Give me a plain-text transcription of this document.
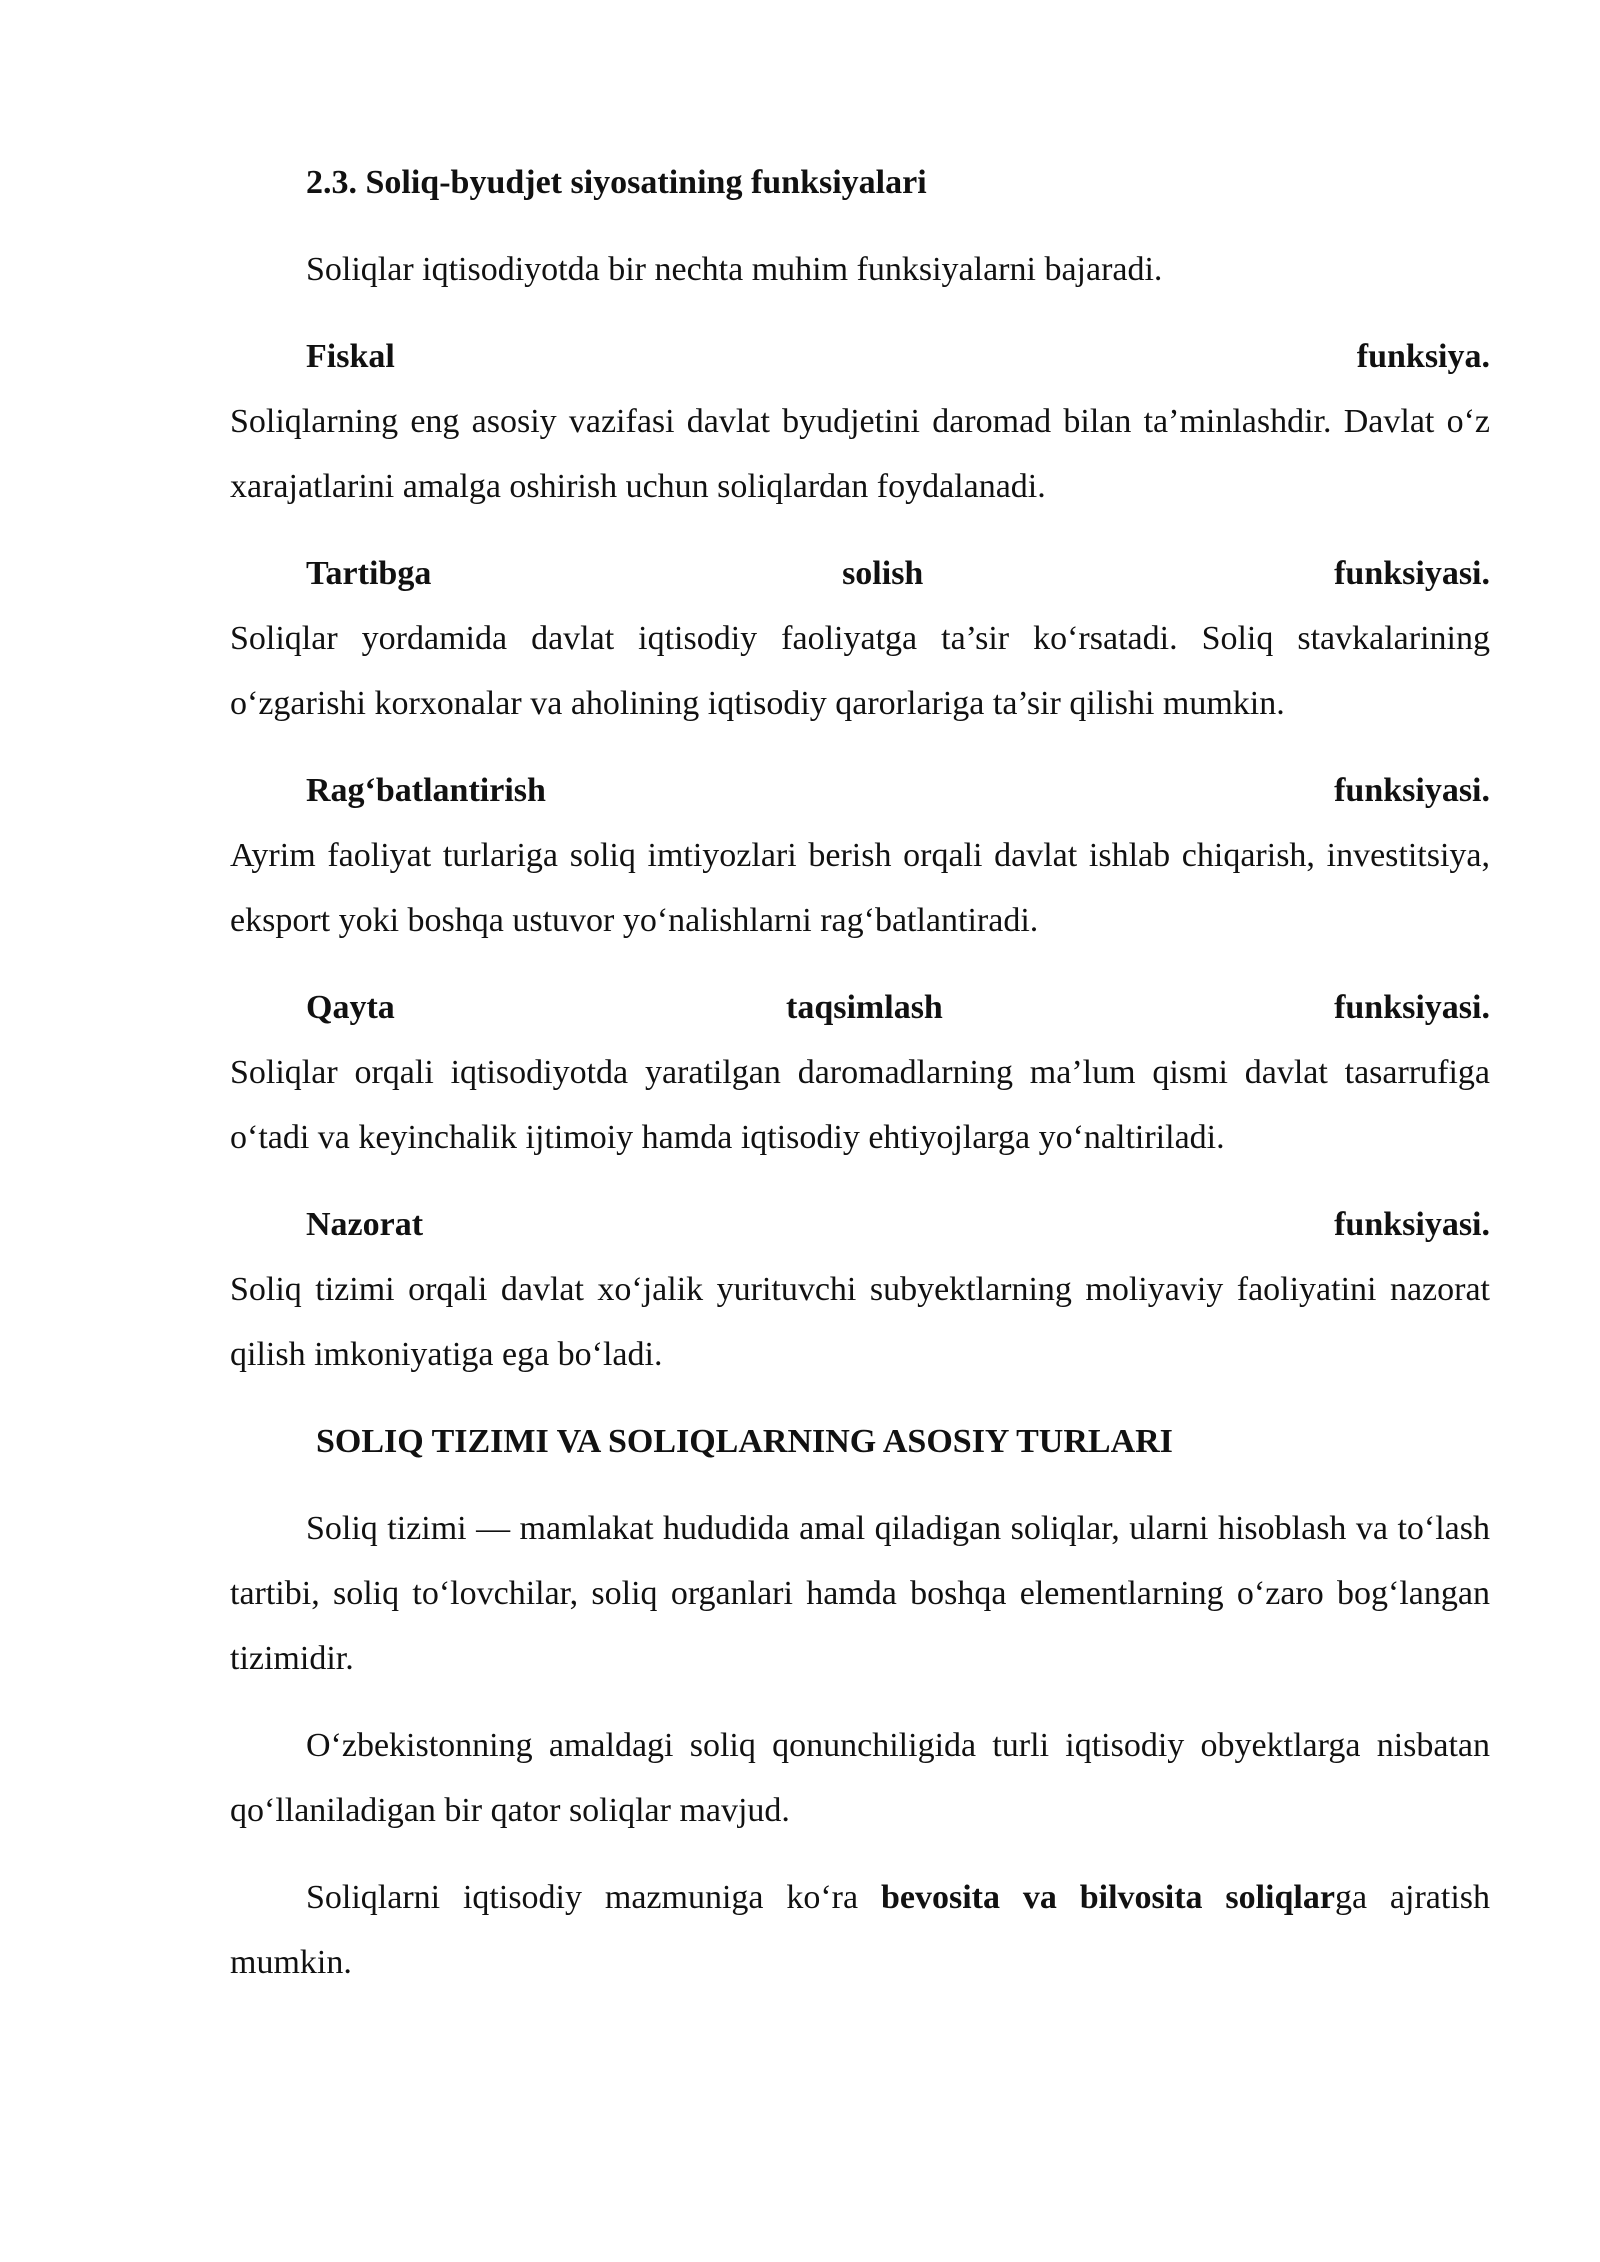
2.3. Soliq-byudjet siyosatining funksiyalari
Soliqlar iqtisodiyotda bir nechta muhim funksiyalarni bajaradi.
Fiskal	funksiya.
Soliqlarning eng asosiy vazifasi davlat byudjetini daromad bilan ta’minlashdir. Davlat o‘z xarajatlarini amalga oshirish uchun soliqlardan foydalanadi.
Tartibga	solish	funksiyasi.
Soliqlar yordamida davlat iqtisodiy faoliyatga ta’sir ko‘rsatadi. Soliq stavkalarining o‘zgarishi korxonalar va aholining iqtisodiy qarorlariga ta’sir qilishi mumkin.
Rag‘batlantirish	funksiyasi.
Ayrim faoliyat turlariga soliq imtiyozlari berish orqali davlat ishlab chiqarish, investitsiya, eksport yoki boshqa ustuvor yo‘nalishlarni rag‘batlantiradi.
Qayta	taqsimlash	funksiyasi.
Soliqlar orqali iqtisodiyotda yaratilgan daromadlarning ma’lum qismi davlat tasarrufiga o‘tadi va keyinchalik ijtimoiy hamda iqtisodiy ehtiyojlarga yo‘naltiriladi.
Nazorat	funksiyasi.
Soliq tizimi orqali davlat xo‘jalik yurituvchi subyektlarning moliyaviy faoliyatini nazorat qilish imkoniyatiga ega bo‘ladi.
SOLIQ TIZIMI VA SOLIQLARNING ASOSIY TURLARI
Soliq tizimi — mamlakat hududida amal qiladigan soliqlar, ularni hisoblash va to‘lash tartibi, soliq to‘lovchilar, soliq organlari hamda boshqa elementlarning o‘zaro bog‘langan tizimidir.
O‘zbekistonning amaldagi soliq qonunchiligida turli iqtisodiy obyektlarga nisbatan qo‘llaniladigan bir qator soliqlar mavjud.
Soliqlarni iqtisodiy mazmuniga ko‘ra bevosita va bilvosita soliqlarga ajratish mumkin.
